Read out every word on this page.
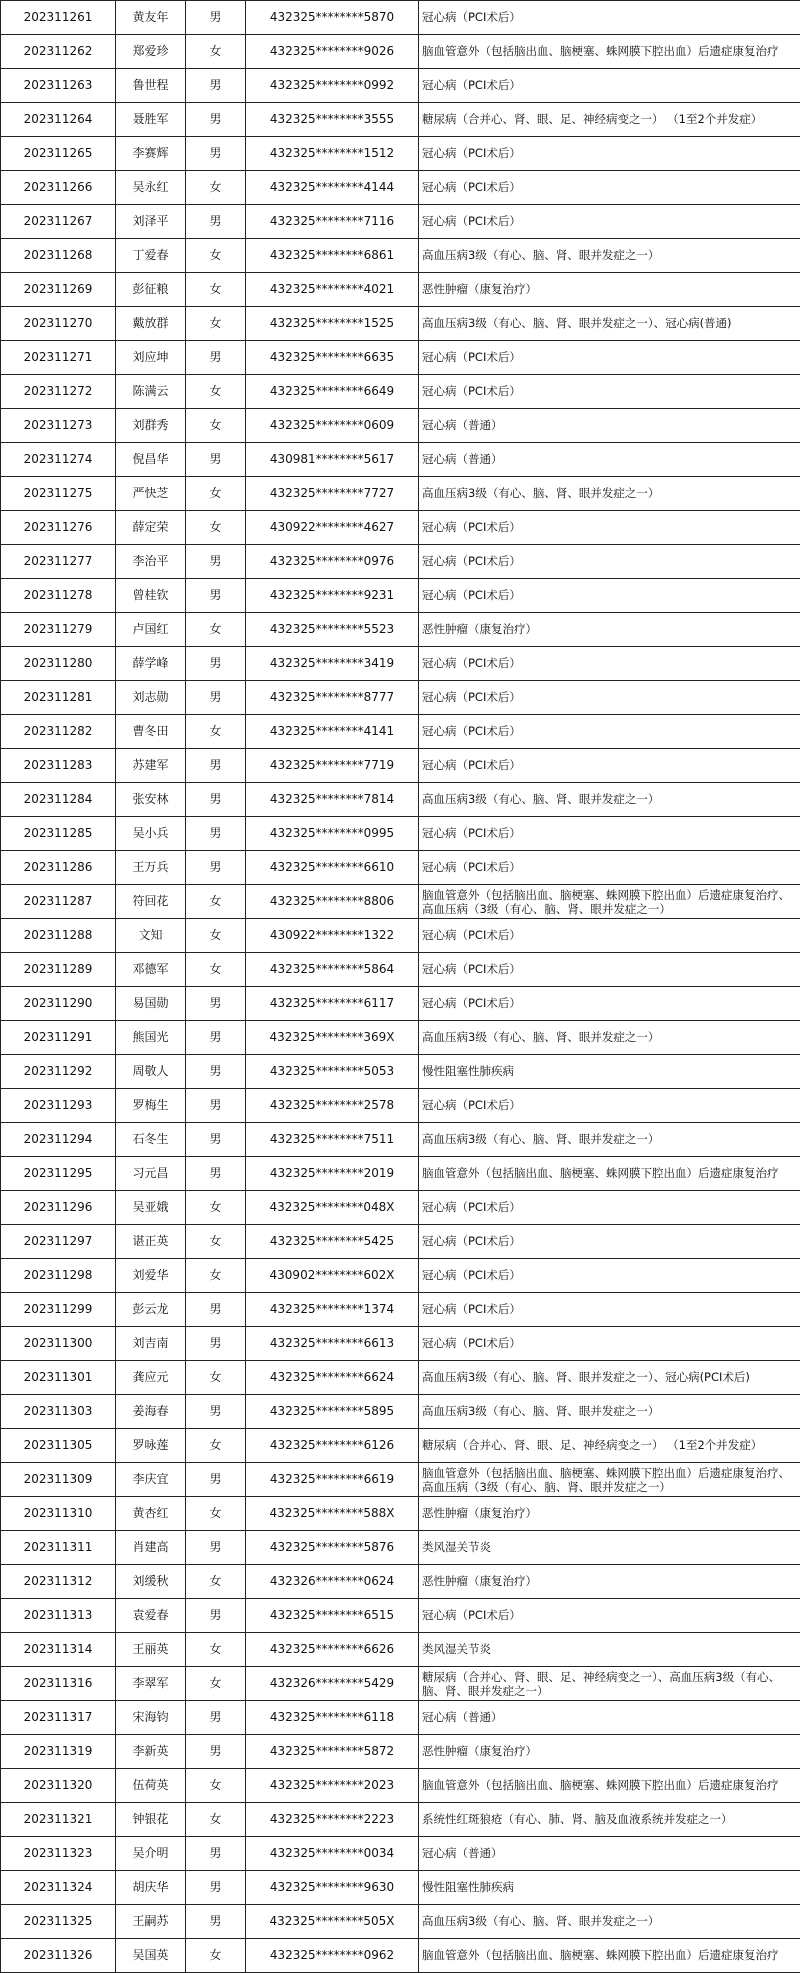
202311261	黄友年	男	432325********5870	冠心病（PCI术后）
202311262	郑爱珍	女	432325********9026	脑血管意外（包括脑出血、脑梗塞、蛛网膜下腔出血）后遗症康复治疗
202311263	鲁世程	男	432325********0992	冠心病（PCI术后）
202311264	聂胜军	男	432325********3555	糖尿病（合并心、肾、眼、足、神经病变之一） （1至2个并发症）
202311265	李赛辉	男	432325********1512	冠心病（PCI术后）
202311266	吴永红	女	432325********4144	冠心病（PCI术后）
202311267	刘泽平	男	432325********7116	冠心病（PCI术后）
202311268	丁爱春	女	432325********6861	高血压病3级（有心、脑、肾、眼并发症之一）
202311269	彭征粮	女	432325********4021	恶性肿瘤（康复治疗）
202311270	戴放群	女	432325********1525	高血压病3级（有心、脑、肾、眼并发症之一）、冠心病(普通)
202311271	刘应坤	男	432325********6635	冠心病（PCI术后）
202311272	陈满云	女	432325********6649	冠心病（PCI术后）
202311273	刘群秀	女	432325********0609	冠心病（普通）
202311274	倪昌华	男	430981********5617	冠心病（普通）
202311275	严快芝	女	432325********7727	高血压病3级（有心、脑、肾、眼并发症之一）
202311276	薛定荣	女	430922********4627	冠心病（PCI术后）
202311277	李治平	男	432325********0976	冠心病（PCI术后）
202311278	曾桂钦	男	432325********9231	冠心病（PCI术后）
202311279	卢国红	女	432325********5523	恶性肿瘤（康复治疗）
202311280	薛学峰	男	432325********3419	冠心病（PCI术后）
202311281	刘志勋	男	432325********8777	冠心病（PCI术后）
202311282	曹冬田	女	432325********4141	冠心病（PCI术后）
202311283	苏建军	男	432325********7719	冠心病（PCI术后）
202311284	张安林	男	432325********7814	高血压病3级（有心、脑、肾、眼并发症之一）
202311285	吴小兵	男	432325********0995	冠心病（PCI术后）
202311286	王万兵	男	432325********6610	冠心病（PCI术后）
202311287	符回花	女	432325********8806	脑血管意外（包括脑出血、脑梗塞、蛛网膜下腔出血）后遗症康复治疗、高血压病（3级（有心、脑、肾、眼并发症之一）
202311288	文知	女	430922********1322	冠心病（PCI术后）
202311289	邓德军	女	432325********5864	冠心病（PCI术后）
202311290	易国勋	男	432325********6117	冠心病（PCI术后）
202311291	熊国光	男	432325********369X	高血压病3级（有心、脑、肾、眼并发症之一）
202311292	周敬人	男	432325********5053	慢性阻塞性肺疾病
202311293	罗梅生	男	432325********2578	冠心病（PCI术后）
202311294	石冬生	男	432325********7511	高血压病3级（有心、脑、肾、眼并发症之一）
202311295	习元昌	男	432325********2019	脑血管意外（包括脑出血、脑梗塞、蛛网膜下腔出血）后遗症康复治疗
202311296	吴亚娥	女	432325********048X	冠心病（PCI术后）
202311297	谌正英	女	432325********5425	冠心病（PCI术后）
202311298	刘爱华	女	430902********602X	冠心病（PCI术后）
202311299	彭云龙	男	432325********1374	冠心病（PCI术后）
202311300	刘吉南	男	432325********6613	冠心病（PCI术后）
202311301	龚应元	女	432325********6624	高血压病3级（有心、脑、肾、眼并发症之一）、冠心病(PCI术后)
202311303	姜海春	男	432325********5895	高血压病3级（有心、脑、肾、眼并发症之一）
202311305	罗咏莲	女	432325********6126	糖尿病（合并心、肾、眼、足、神经病变之一） （1至2个并发症）
202311309	李庆宜	男	432325********6619	脑血管意外（包括脑出血、脑梗塞、蛛网膜下腔出血）后遗症康复治疗、高血压病（3级（有心、脑、肾、眼并发症之一）
202311310	黄杏红	女	432325********588X	恶性肿瘤（康复治疗）
202311311	肖建高	男	432325********5876	类风湿关节炎
202311312	刘缓秋	女	432326********0624	恶性肿瘤（康复治疗）
202311313	袁爱春	男	432325********6515	冠心病（PCI术后）
202311314	王丽英	女	432325********6626	类风湿关节炎
202311316	李翠军	女	432326********5429	糖尿病（合并心、肾、眼、足、神经病变之一）、高血压病3级（有心、脑、肾、眼并发症之一）
202311317	宋海钧	男	432325********6118	冠心病（普通）
202311319	李新英	男	432325********5872	恶性肿瘤（康复治疗）
202311320	伍荷英	女	432325********2023	脑血管意外（包括脑出血、脑梗塞、蛛网膜下腔出血）后遗症康复治疗
202311321	钟银花	女	432325********2223	系统性红斑狼疮（有心、肺、肾、脑及血液系统并发症之一）
202311323	吴介明	男	432325********0034	冠心病（普通）
202311324	胡庆华	男	432325********9630	慢性阻塞性肺疾病
202311325	王嗣苏	男	432325********505X	高血压病3级（有心、脑、肾、眼并发症之一）
202311326	吴国英	女	432325********0962	脑血管意外（包括脑出血、脑梗塞、蛛网膜下腔出血）后遗症康复治疗
